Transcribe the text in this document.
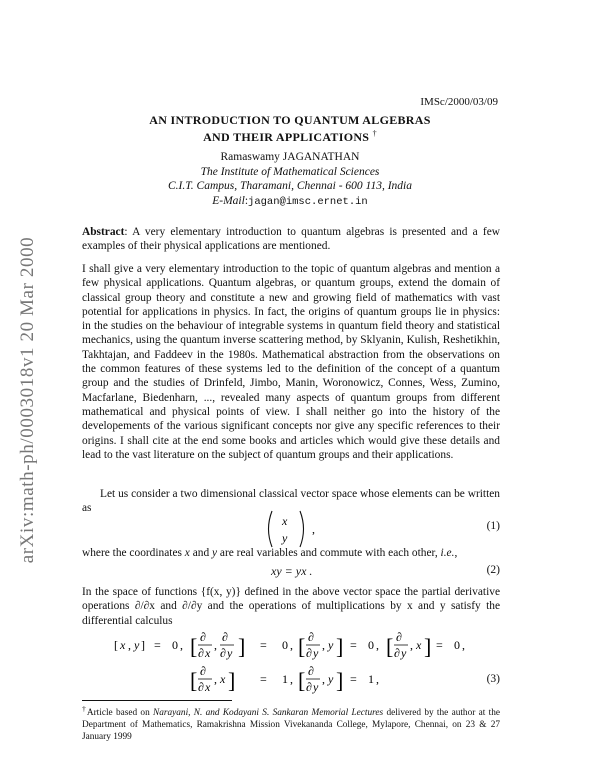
arXiv:math-ph/0003018v1 20 Mar 2000
IMSc/2000/03/09
AN INTRODUCTION TO QUANTUM ALGEBRAS
AND THEIR APPLICATIONS †
Ramaswamy JAGANATHAN
The Institute of Mathematical Sciences
C.I.T. Campus, Tharamani, Chennai - 600 113, India
E-Mail:jagan@imsc.ernet.in
Abstract: A very elementary introduction to quantum algebras is presented and a few examples of their physical applications are mentioned.
I shall give a very elementary introduction to the topic of quantum algebras and mention a few physical applications. Quantum algebras, or quantum groups, extend the domain of classical group theory and constitute a new and growing field of mathematics with vast potential for applications in physics. In fact, the origins of quantum groups lie in physics: in the studies on the behaviour of integrable systems in quantum field theory and statistical mechanics, using the quantum inverse scattering method, by Sklyanin, Kulish, Reshetikhin, Takhtajan, and Faddeev in the 1980s. Mathematical abstraction from the observations on the common features of these systems led to the definition of the concept of a quantum group and the studies of Drinfeld, Jimbo, Manin, Woronowicz, Connes, Wess, Zumino, Macfarlane, Biedenharn, ..., revealed many aspects of quantum groups from different mathematical and physical points of view. I shall neither go into the history of the developements of the various significant concepts nor give any specific references to their origins. I shall cite at the end some books and articles which would give these details and lead to the vast literature on the subject of quantum groups and their applications.
Let us consider a two dimensional classical vector space whose elements can be written as
x
y
,	(1)
where the coordinates x and y are real variables and commute with each other, i.e.,
xy = yx .	(2)
In the space of functions {f(x, y)} defined in the above vector space the partial derivative operations ∂/∂x and ∂/∂y and the operations of multiplications by x and y satisfy the differential calculus
[ x , y ] = 0 , [ ∂
∂ x
,
∂
∂ y ] = 0 , [ ∂
∂ y
, y ] = 0 , [ ∂
∂ y
, x ] = 0 ,
[ ∂
∂ x
, x ] = 1 , [ ∂
∂ y
, y ] = 1 ,	(3)
†Article based on Narayani, N. and Kodayani S. Sankaran Memorial Lectures delivered by the author at the Department of Mathematics, Ramakrishna Mission Vivekananda College, Mylapore, Chennai, on 23 & 27 January 1999
